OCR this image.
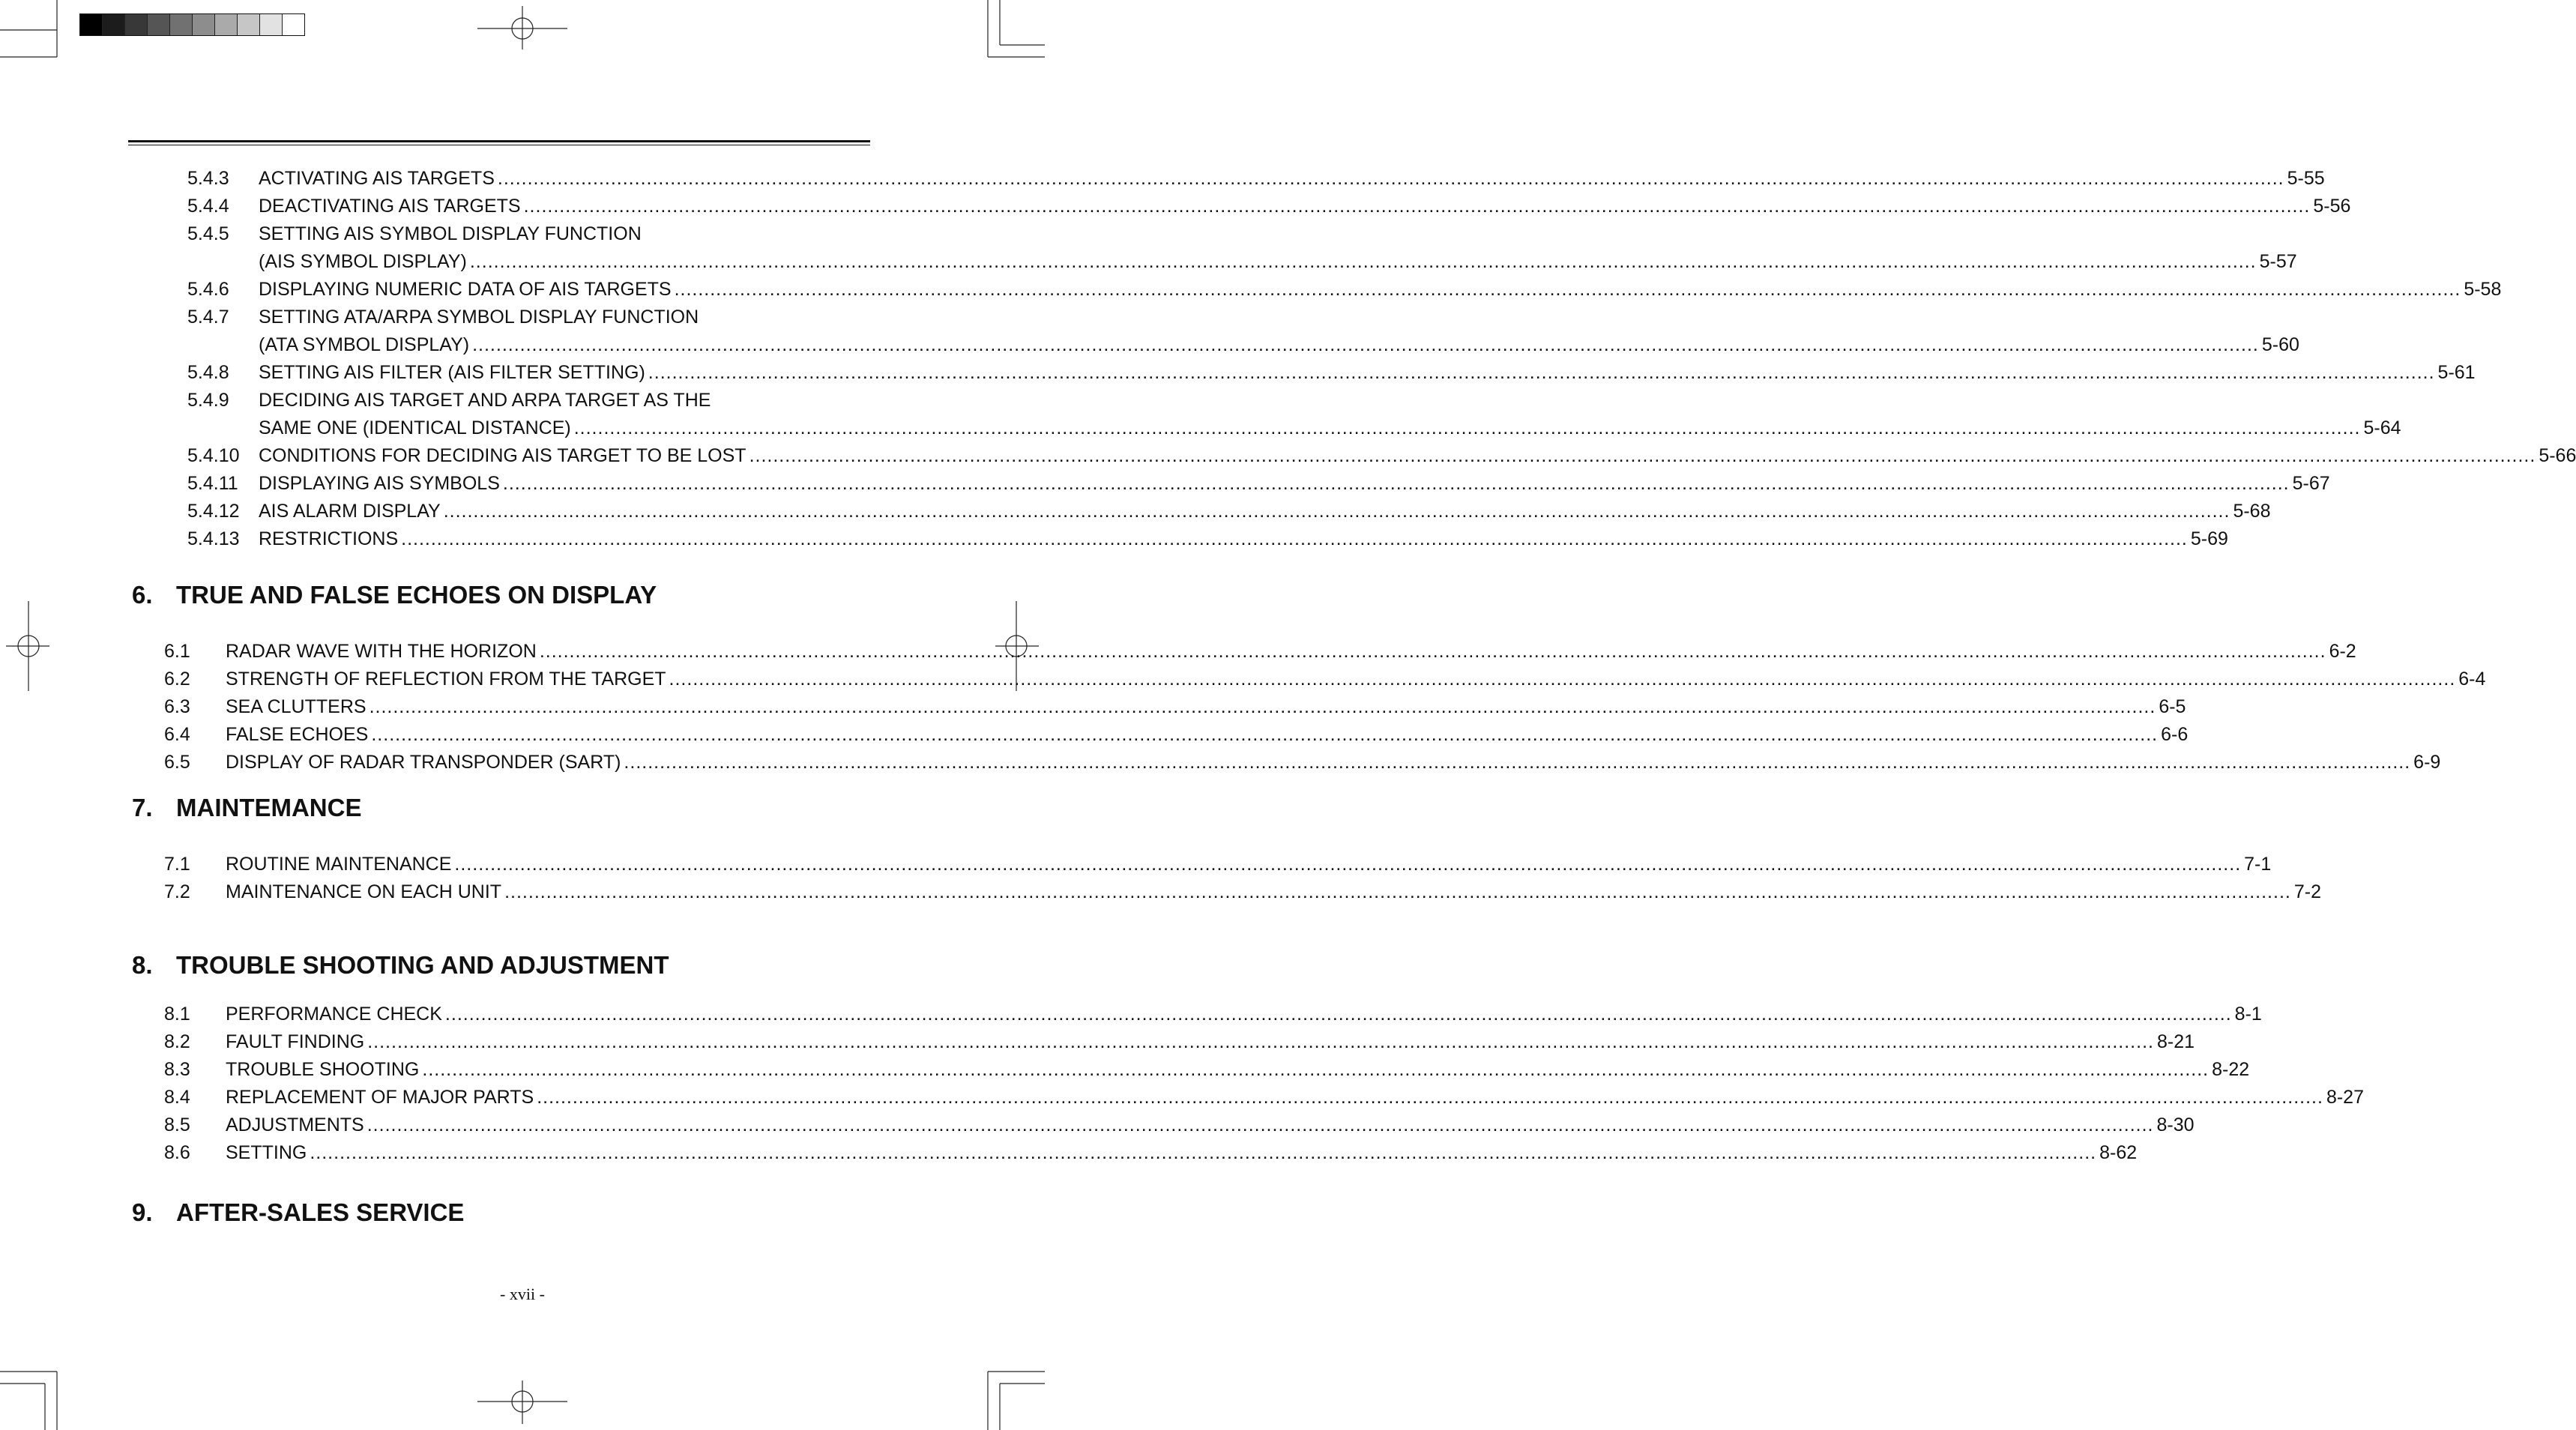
5.4.3 ACTIVATING AIS TARGETS ............................................................................................................................................................................................................................................................................................................ 5-55
5.4.4 DEACTIVATING AIS TARGETS ............................................................................................................................................................................................................................................................................................................ 5-56
5.4.5 SETTING AIS SYMBOL DISPLAY FUNCTION
(AIS SYMBOL DISPLAY) ............................................................................................................................................................................................................................................................................................................ 5-57
5.4.6 DISPLAYING NUMERIC DATA OF AIS TARGETS ............................................................................................................................................................................................................................................................................................................ 5-58
5.4.7 SETTING ATA/ARPA SYMBOL DISPLAY FUNCTION
(ATA SYMBOL DISPLAY) ............................................................................................................................................................................................................................................................................................................ 5-60
5.4.8 SETTING AIS FILTER (AIS FILTER SETTING) ............................................................................................................................................................................................................................................................................................................ 5-61
5.4.9 DECIDING AIS TARGET AND ARPA TARGET AS THE
SAME ONE (IDENTICAL DISTANCE) ............................................................................................................................................................................................................................................................................................................ 5-64
5.4.10 CONDITIONS FOR DECIDING AIS TARGET TO BE LOST ............................................................................................................................................................................................................................................................................................................ 5-66
5.4.11 DISPLAYING AIS SYMBOLS ............................................................................................................................................................................................................................................................................................................ 5-67
5.4.12 AIS ALARM DISPLAY ............................................................................................................................................................................................................................................................................................................ 5-68
5.4.13 RESTRICTIONS ............................................................................................................................................................................................................................................................................................................ 5-69
6. TRUE AND FALSE ECHOES ON DISPLAY
6.1 RADAR WAVE WITH THE HORIZON ............................................................................................................................................................................................................................................................................................................ 6-2
6.2 STRENGTH OF REFLECTION FROM THE TARGET ............................................................................................................................................................................................................................................................................................................ 6-4
6.3 SEA CLUTTERS ............................................................................................................................................................................................................................................................................................................ 6-5
6.4 FALSE ECHOES ............................................................................................................................................................................................................................................................................................................ 6-6
6.5 DISPLAY OF RADAR TRANSPONDER (SART) ............................................................................................................................................................................................................................................................................................................ 6-9
7. MAINTEMANCE
7.1 ROUTINE MAINTENANCE ............................................................................................................................................................................................................................................................................................................ 7-1
7.2 MAINTENANCE ON EACH UNIT ............................................................................................................................................................................................................................................................................................................ 7-2
8. TROUBLE SHOOTING AND ADJUSTMENT
8.1 PERFORMANCE CHECK ............................................................................................................................................................................................................................................................................................................ 8-1
8.2 FAULT FINDING ............................................................................................................................................................................................................................................................................................................ 8-21
8.3 TROUBLE SHOOTING ............................................................................................................................................................................................................................................................................................................ 8-22
8.4 REPLACEMENT OF MAJOR PARTS ............................................................................................................................................................................................................................................................................................................ 8-27
8.5 ADJUSTMENTS ............................................................................................................................................................................................................................................................................................................ 8-30
8.6 SETTING ............................................................................................................................................................................................................................................................................................................ 8-62
9. AFTER-SALES SERVICE
- xvii -
